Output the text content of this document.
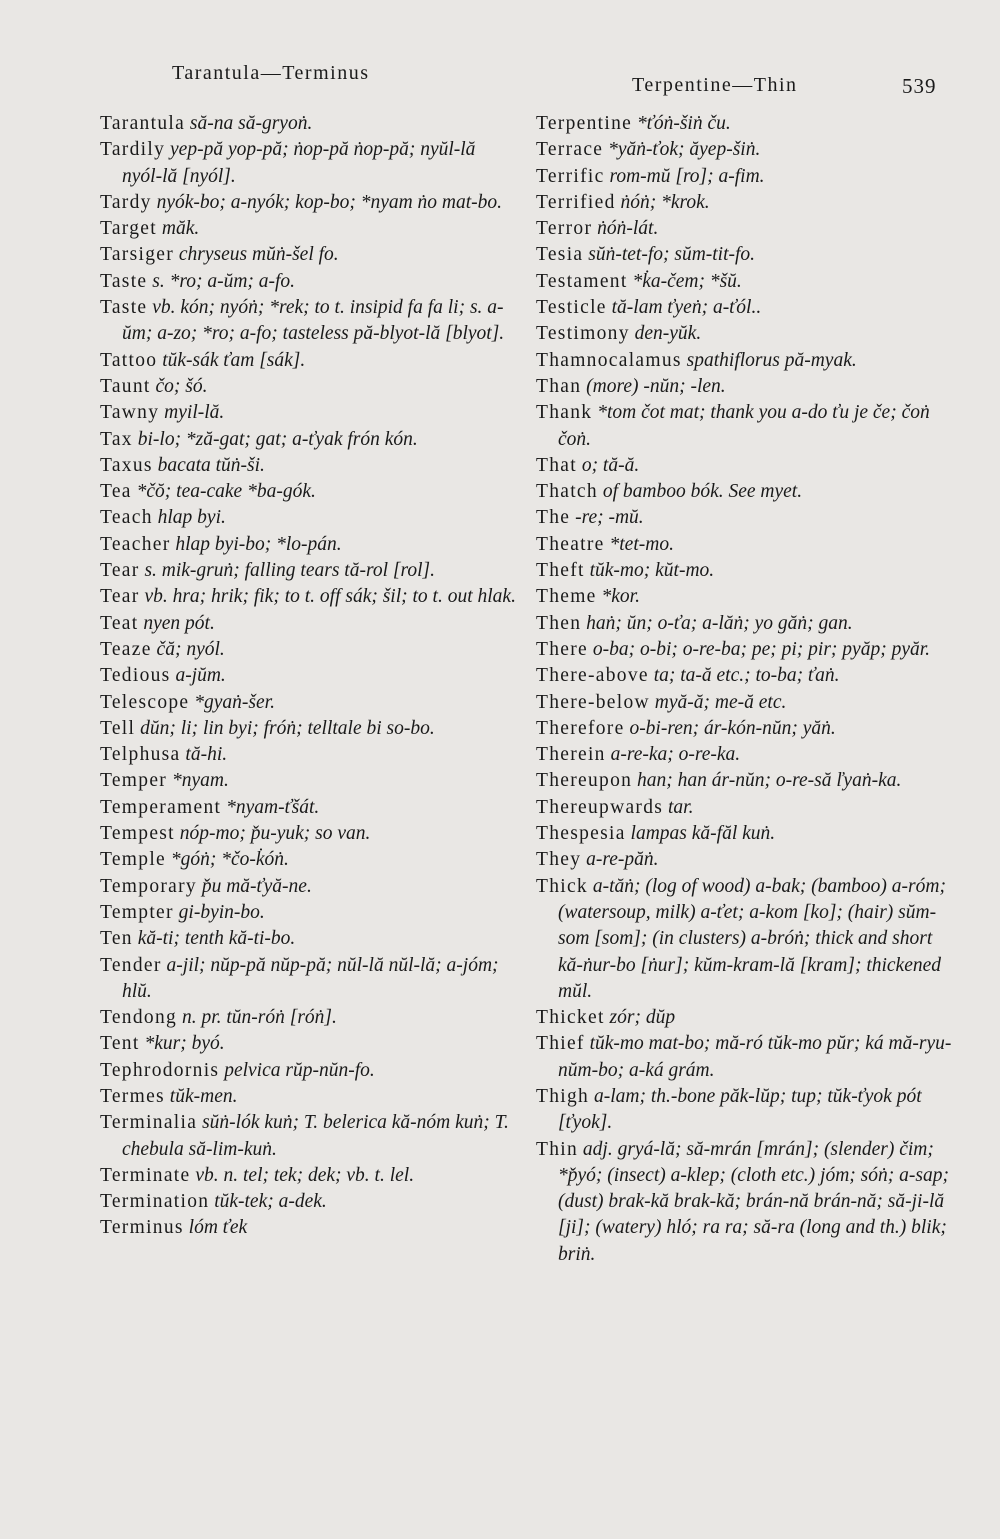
Tarantula—Terminus
Terpentine—Thin	539
Tarantula să-na să-gryoṅ.
Tardily yep-pă yop-pă; ṅop-pă ṅop-pă; nyŭl-lă nyól-lă [nyól].
Tardy nyók-bo; a-nyók; kop-bo; *nyam ṅo mat-bo.
Target măk.
Tarsiger chryseus mŭṅ-šel fo.
Taste s. *ro; a-ŭm; a-fo.
Taste vb. kón; nyóṅ; *rek; to t. insipid fa fa li; s. a-ŭm; a-zo; *ro; a-fo; tasteless pă-blyot-lă [blyot].
Tattoo tŭk-sák ťam [sák].
Taunt čo; šó.
Tawny myil-lă.
Tax bi-lo; *ză-gat; gat; a-ťyak frón kón.
Taxus bacata tŭṅ-ši.
Tea *čŏ; tea-cake *ba-gók.
Teach hlap byi.
Teacher hlap byi-bo; *lo-pán.
Tear s. mik-gruṅ; falling tears tă-rol [rol].
Tear vb. hra; hrik; fik; to t. off sák; šil; to t. out hlak.
Teat nyen pót.
Teaze čă; nyól.
Tedious a-jŭm.
Telescope *gyaṅ-šer.
Tell dŭn; li; lin byi; fróṅ; telltale bi so-bo.
Telphusa tă-hi.
Temper *nyam.
Temperament *nyam-ťšát.
Tempest nóp-mo; p̌u-yuk; so van.
Temple *góṅ; *čo-k̇óṅ.
Temporary p̌u mă-ťyă-ne.
Tempter gi-byin-bo.
Ten kă-ti; tenth kă-ti-bo.
Tender a-jil; nŭp-pă nŭp-pă; nŭl-lă nŭl-lă; a-jóm; hlŭ.
Tendong n. pr. tŭn-róṅ [róṅ].
Tent *kur; byó.
Tephrodornis pelvica rŭp-nŭn-fo.
Termes tŭk-men.
Terminalia sŭṅ-lók kuṅ; T. belerica kă-nóm kuṅ; T. chebula să-lim-kuṅ.
Terminate vb. n. tel; tek; dek; vb. t. lel.
Termination tŭk-tek; a-dek.
Terminus lóm ťek
Terpentine *ťóṅ-šiṅ ču.
Terrace *yăṅ-ťok; ăyep-šiṅ.
Terrific rom-mŭ [ro]; a-fim.
Terrified ṅóṅ; *krok.
Terror ṅóṅ-lát.
Tesia sŭṅ-tet-fo; sŭm-tit-fo.
Testament *k̇a-čem; *šŭ.
Testicle tă-lam ťyeṅ; a-ťól..
Testimony den-yŭk.
Thamnocalamus spathiflorus pă-myak.
Than (more) -nŭn; -len.
Thank *tom čot mat; thank you a-do ťu je če; čoṅ čoṅ.
That o; tă-ă.
Thatch of bamboo bók. See myet.
The -re; -mŭ.
Theatre *tet-mo.
Theft tŭk-mo; kŭt-mo.
Theme *kor.
Then haṅ; ŭn; o-ťa; a-lăṅ; yo găṅ; gan.
There o-ba; o-bi; o-re-ba; pe; pi; pir; pyăp; pyăr.
There-above ta; ta-ă etc.; to-ba; ťaṅ.
There-below myă-ă; me-ă etc.
Therefore o-bi-ren; ár-kón-nŭn; yăṅ.
Therein a-re-ka; o-re-ka.
Thereupon han; han ár-nŭn; o-re-să ľyaṅ-ka.
Thereupwards tar.
Thespesia lampas kă-făl kuṅ.
They a-re-păṅ.
Thick a-tăṅ; (log of wood) a-bak; (bamboo) a-róm; (watersoup, milk) a-ťet; a-kom [ko]; (hair) sŭm-som [som]; (in clusters) a-bróṅ; thick and short kă-ṅur-bo [ṅur]; kŭm-kram-lă [kram]; thickened mŭl.
Thicket zór; dŭp
Thief tŭk-mo mat-bo; mă-ró tŭk-mo pŭr; ká mă-ryu-nŭm-bo; a-ká grám.
Thigh a-lam; th.-bone păk-lŭp; tup; tŭk-ťyok pót [ťyok].
Thin adj. gryá-lă; să-mrán [mrán]; (slender) čim; *p̌yó; (insect) a-klep; (cloth etc.) jóm; sóṅ; a-sap; (dust) brak-kă brak-kă; brán-nă brán-nă; să-ji-lă [ji]; (watery) hló; ra ra; să-ra (long and th.) blik; briṅ.
